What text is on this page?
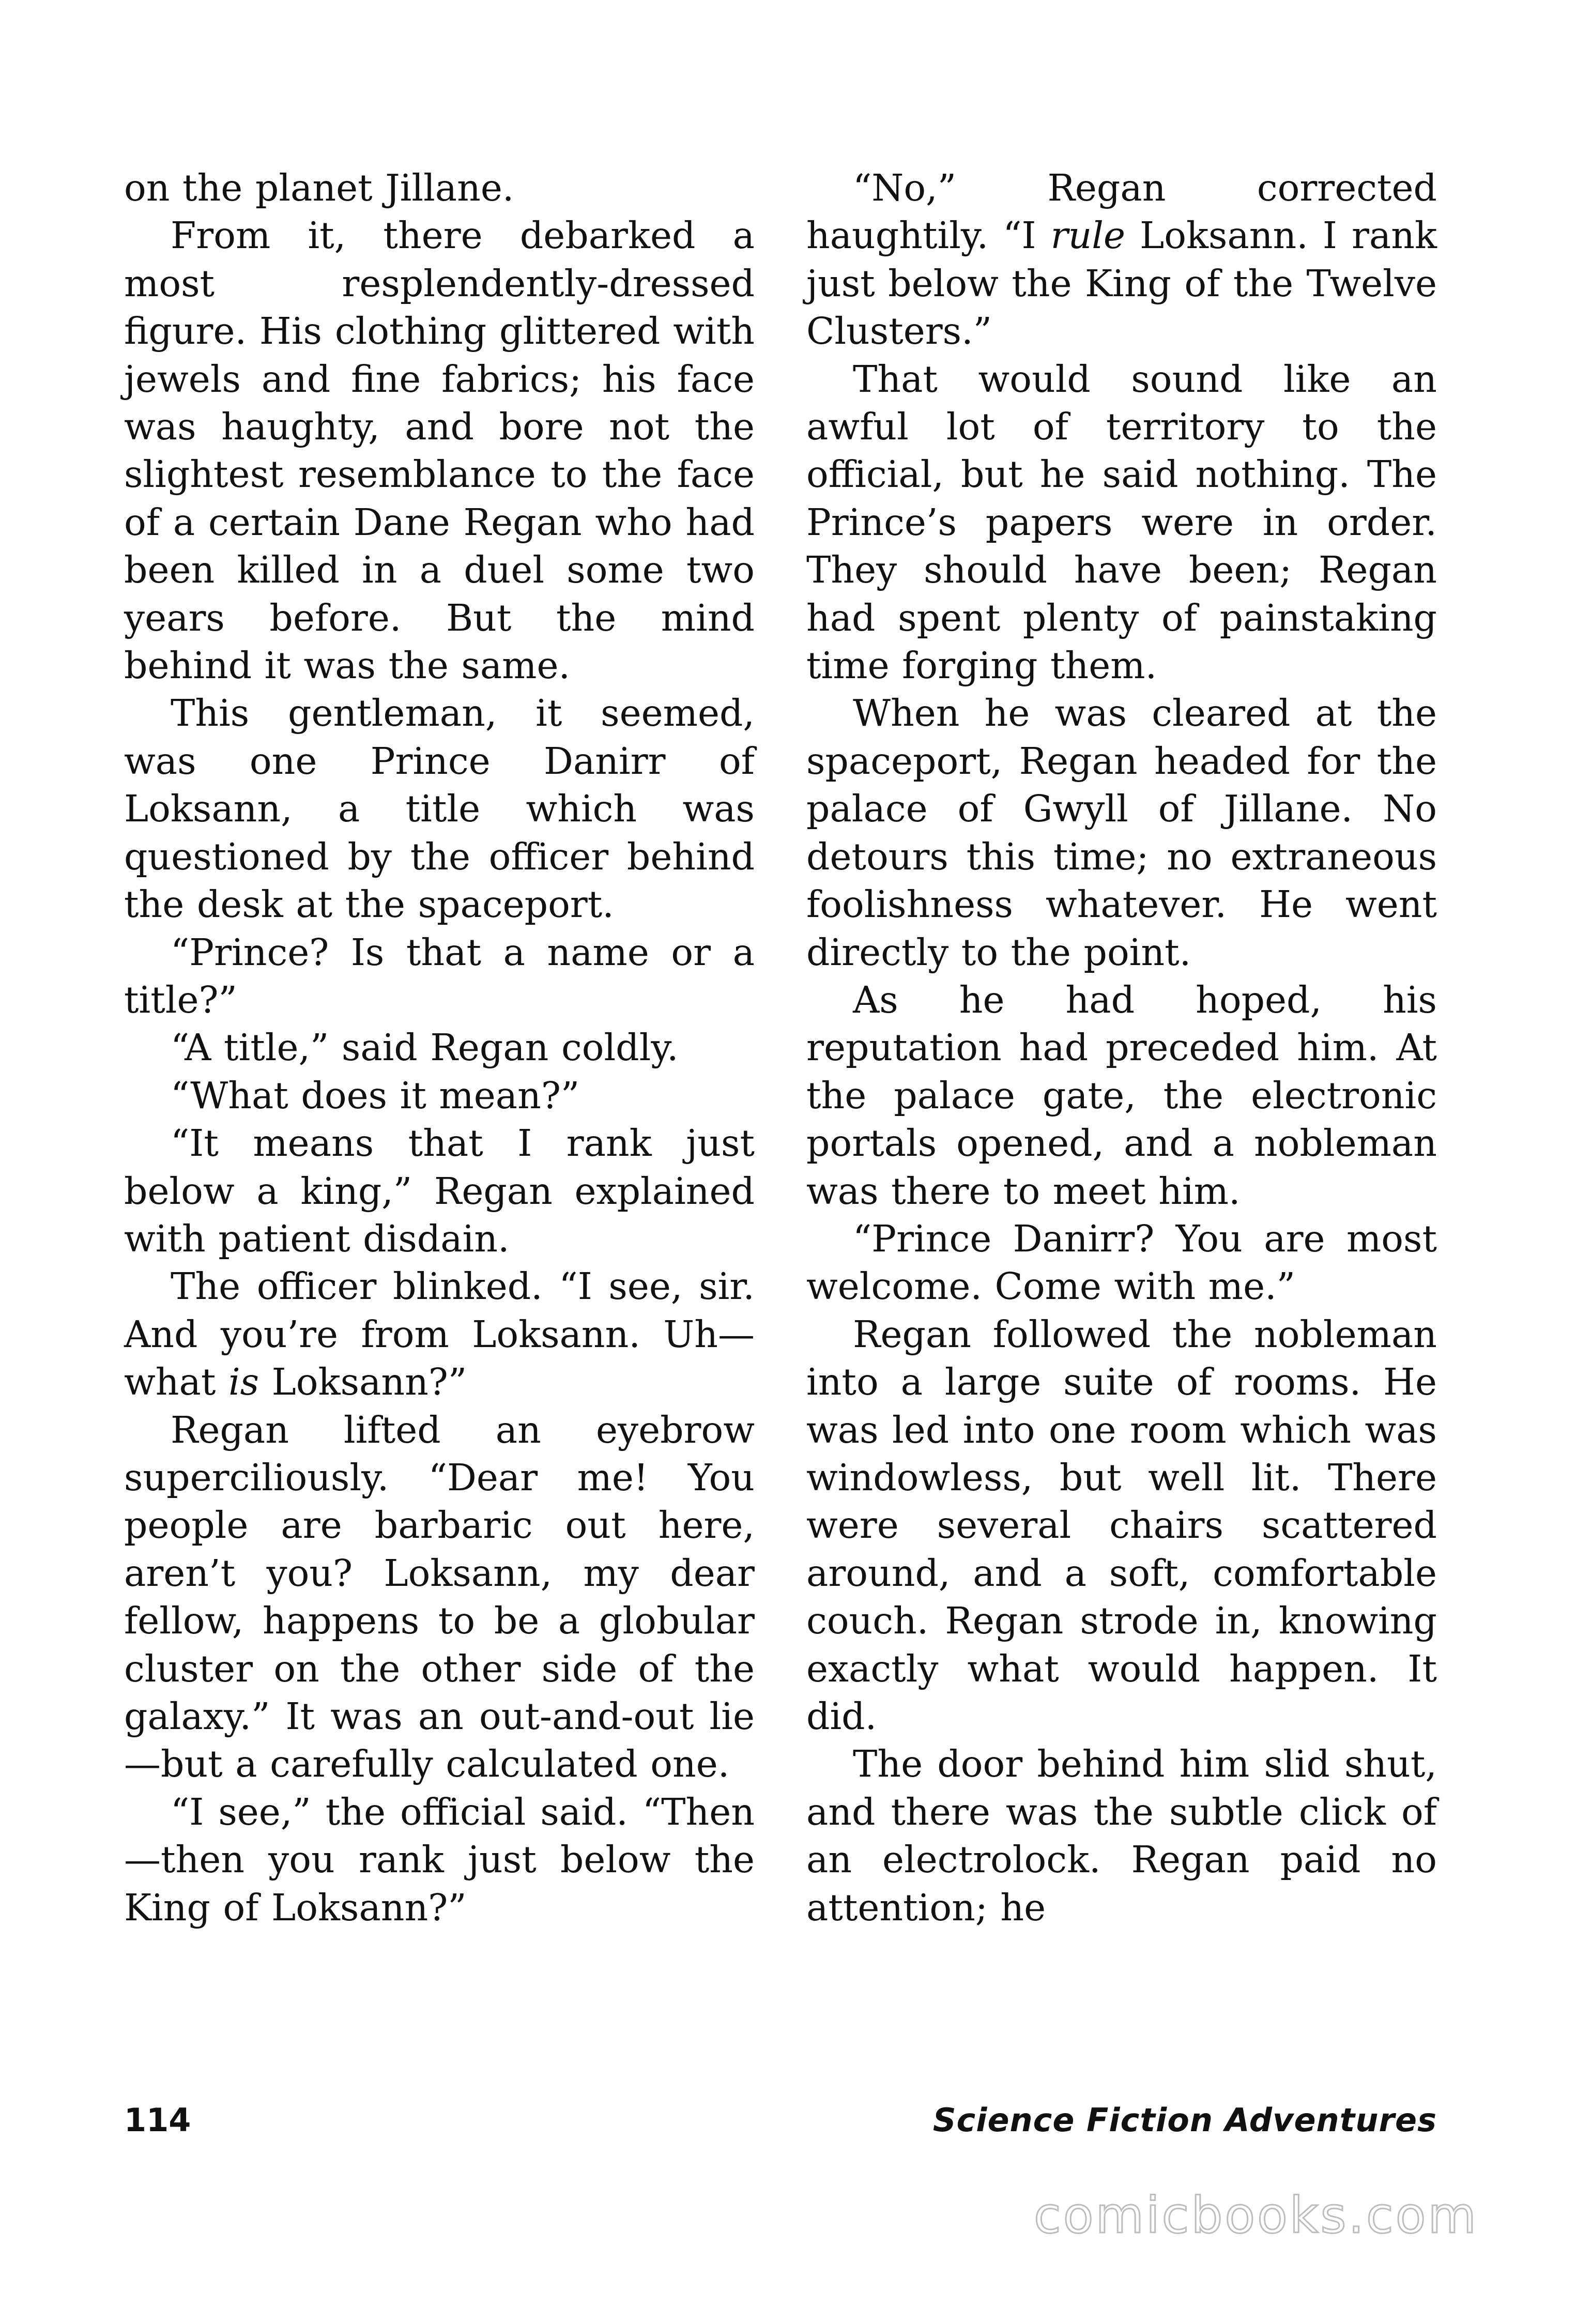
on the planet Jillane.

From it, there debarked a most resplendently-dressed figure. His clothing glittered with jewels and fine fabrics; his face was haughty, and bore not the slightest resemblance to the face of a certain Dane Regan who had been killed in a duel some two years before. But the mind behind it was the same.

This gentleman, it seemed, was one Prince Danirr of Loksann, a title which was questioned by the officer behind the desk at the spaceport.

“Prince? Is that a name or a title?”

“A title,” said Regan coldly.

“What does it mean?”

“It means that I rank just below a king,” Regan explained with patient disdain.

The officer blinked. “I see, sir. And you’re from Loksann. Uh—what is Loksann?”

Regan lifted an eyebrow superciliously. “Dear me! You people are barbaric out here, aren’t you? Loksann, my dear fellow, happens to be a globular cluster on the other side of the galaxy.” It was an out-and-out lie—but a carefully calculated one.

“I see,” the official said. “Then—then you rank just below the King of Loksann?”

“No,” Regan corrected haughtily. “I rule Loksann. I rank just below the King of the Twelve Clusters.”

That would sound like an awful lot of territory to the official, but he said nothing. The Prince’s papers were in order. They should have been; Regan had spent plenty of painstaking time forging them.

When he was cleared at the spaceport, Regan headed for the palace of Gwyll of Jillane. No detours this time; no extraneous foolishness whatever. He went directly to the point.

As he had hoped, his reputation had preceded him. At the palace gate, the electronic portals opened, and a nobleman was there to meet him.

“Prince Danirr? You are most welcome. Come with me.”

Regan followed the nobleman into a large suite of rooms. He was led into one room which was windowless, but well lit. There were several chairs scattered around, and a soft, comfortable couch. Regan strode in, knowing exactly what would happen. It did.

The door behind him slid shut, and there was the subtle click of an electrolock. Regan paid no attention; he

114	Science Fiction Adventures
comicbooks.com
